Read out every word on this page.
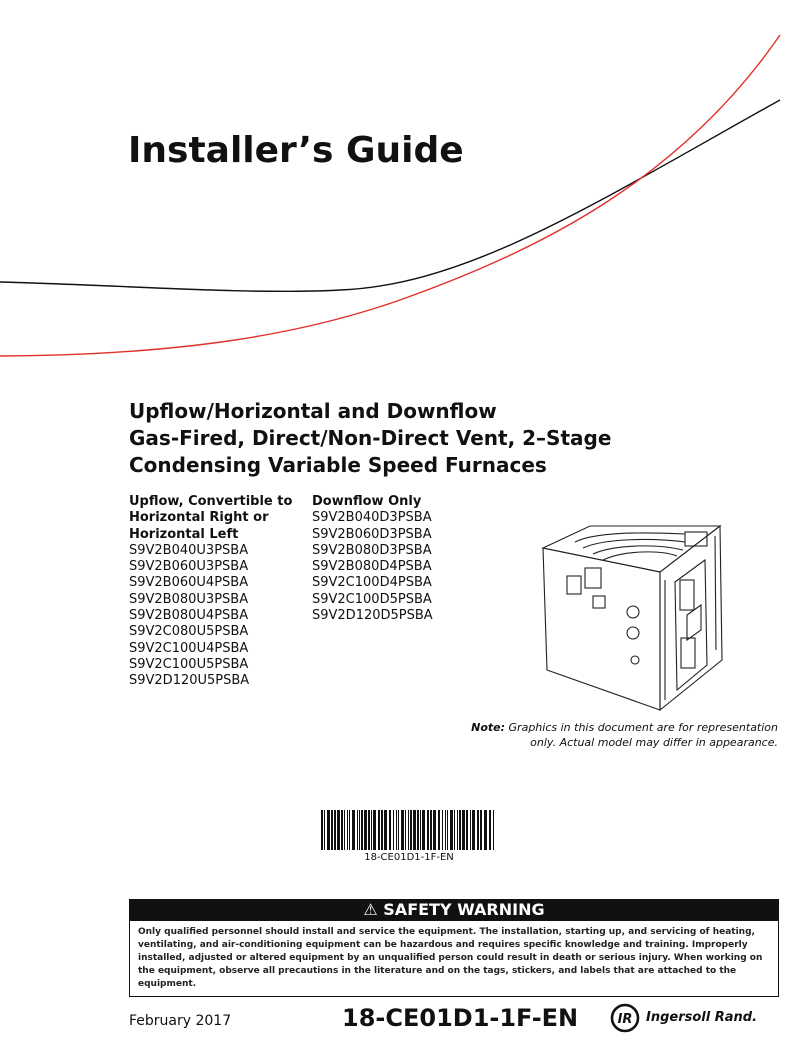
Installer’s Guide
Upflow/Horizontal and Downflow
Gas-Fired, Direct/Non-Direct Vent, 2–Stage
Condensing Variable Speed Furnaces
Upflow, Convertible to
Horizontal Right or
Horizontal Left
S9V2B040U3PSBA
S9V2B060U3PSBA
S9V2B060U4PSBA
S9V2B080U3PSBA
S9V2B080U4PSBA
S9V2C080U5PSBA
S9V2C100U4PSBA
S9V2C100U5PSBA
S9V2D120U5PSBA
Downflow Only
S9V2B040D3PSBA
S9V2B060D3PSBA
S9V2B080D3PSBA
S9V2B080D4PSBA
S9V2C100D4PSBA
S9V2C100D5PSBA
S9V2D120D5PSBA
Note: Graphics in this document are for representation
only. Actual model may differ in appearance.
18-CE01D1-1F-EN
⚠ SAFETY WARNING
Only qualified personnel should install and service the equipment. The installation, starting up, and servicing of heating, ventilating, and air-conditioning equipment can be hazardous and requires specific knowledge and training. Improperly installed, adjusted or altered equipment by an unqualified person could result in death or serious injury. When working on the equipment, observe all precautions in the literature and on the tags, stickers, and labels that are attached to the equipment.
February 2017	18-CE01D1-1F-EN	IR Ingersoll Rand.
